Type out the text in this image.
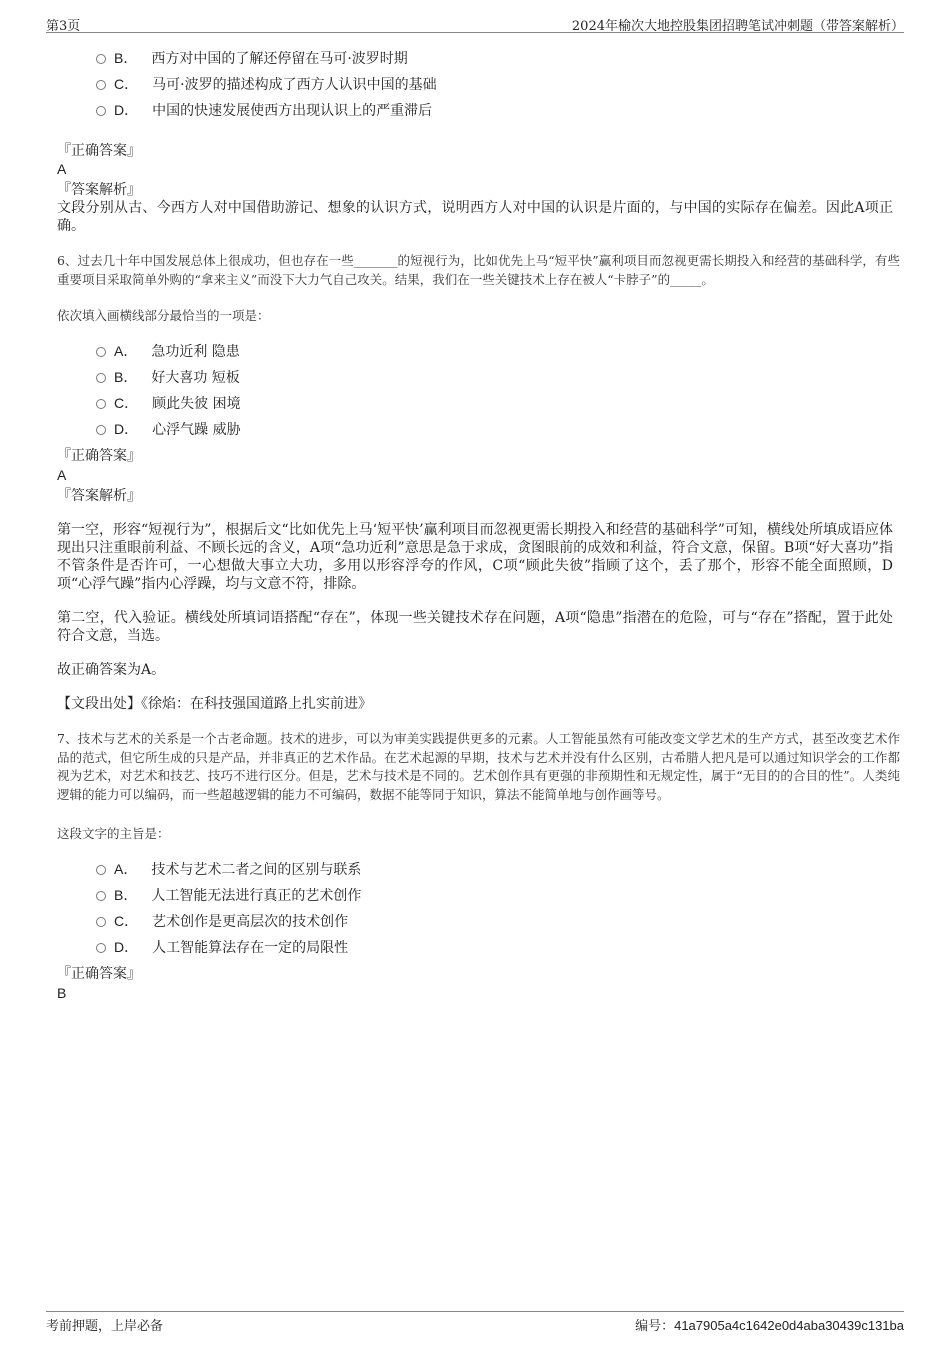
第3页	2024年榆次大地控股集团招聘笔试冲刺题（带答案解析）
B． 西方对中国的了解还停留在马可·波罗时期
C． 马可·波罗的描述构成了西方人认识中国的基础
D． 中国的快速发展使西方出现认识上的严重滞后
『正确答案』
A
『答案解析』
文段分别从古、今西方人对中国借助游记、想象的认识方式，说明西方人对中国的认识是片面的，与中国的实际存在偏差。因此A项正确。
6、过去几十年中国发展总体上很成功，但也存在一些_______的短视行为，比如优先上马“短平快”赢利项目而忽视更需长期投入和经营的基础科学，有些重要项目采取简单外购的“拿来主义”而没下大力气自己攻关。结果，我们在一些关键技术上存在被人“卡脖子”的_____。
依次填入画横线部分最恰当的一项是：
A． 急功近利 隐患
B． 好大喜功 短板
C． 顾此失彼 困境
D． 心浮气躁 威胁
『正确答案』
A
『答案解析』
第一空，形容“短视行为”，根据后文“比如优先上马‘短平快’赢利项目而忽视更需长期投入和经营的基础科学”可知，横线处所填成语应体现出只注重眼前利益、不顾长远的含义，A项“急功近利”意思是急于求成，贪图眼前的成效和利益，符合文意，保留。B项“好大喜功”指不管条件是否许可，一心想做大事立大功，多用以形容浮夸的作风，C项“顾此失彼”指顾了这个，丢了那个，形容不能全面照顾，D项“心浮气躁”指内心浮躁，均与文意不符，排除。
第二空，代入验证。横线处所填词语搭配“存在”，体现一些关键技术存在问题，A项“隐患”指潜在的危险，可与“存在”搭配，置于此处符合文意，当选。
故正确答案为A。
【文段出处】《徐焰：在科技强国道路上扎实前进》
7、技术与艺术的关系是一个古老命题。技术的进步，可以为审美实践提供更多的元素。人工智能虽然有可能改变文学艺术的生产方式，甚至改变艺术作品的范式，但它所生成的只是产品，并非真正的艺术作品。在艺术起源的早期，技术与艺术并没有什么区别，古希腊人把凡是可以通过知识学会的工作都视为艺术，对艺术和技艺、技巧不进行区分。但是，艺术与技术是不同的。艺术创作具有更强的非预期性和无规定性，属于“无目的的合目的性”。人类纯逻辑的能力可以编码，而一些超越逻辑的能力不可编码，数据不能等同于知识，算法不能简单地与创作画等号。
这段文字的主旨是：
A． 技术与艺术二者之间的区别与联系
B． 人工智能无法进行真正的艺术创作
C． 艺术创作是更高层次的技术创作
D． 人工智能算法存在一定的局限性
『正确答案』
B
考前押题，上岸必备	编号：41a7905a4c1642e0d4aba30439c131ba
